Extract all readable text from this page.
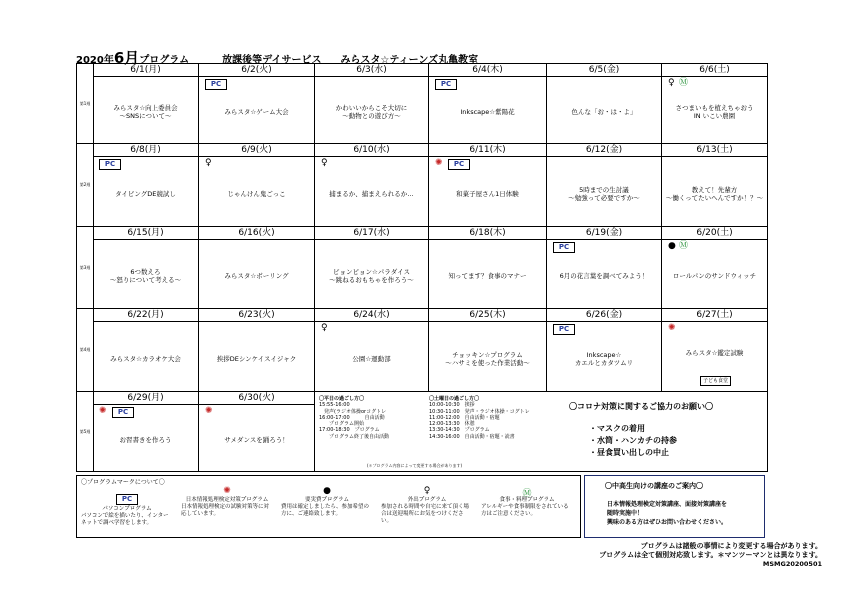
2020年6月プログラム	放課後等デイサービス みらスタ☆ティーンズ丸亀教室
第1週
6/1(月)
みらスタ☆向上委員会
～SNSについて～
6/2(火)
PC
みらスタ☆ゲーム大会
6/3(水)
かわいいからこそ大切に
～動物との遊び方～
6/4(木)
PC
Inkscape☆紫陽花
6/5(金)
色んな「お・は・よ」
6/6(土)
♀ Ⓜ
さつまいもを植えちゃおう
IN いこい農園
第2週
6/8(月)
PC
タイピングDE競試し
6/9(火)
♀
じゃんけん鬼ごっこ
6/10(水)
♀
捕まるか、捕まえられるか…
6/11(木)
✺	PC
和菓子屋さん1日体験
6/12(金)
5時までの生討議
～勉強って必要ですか～
6/13(土)
教えて！先輩方
～働くってたいへんですか！？～
第3週
6/15(月)
6つ数えろ
～怒りについて考える～
6/16(火)
みらスタ☆ボーリング
6/17(水)
ピョンピョン☆パラダイス
～跳ねるおもちゃを作ろう～
6/18(木)
知ってます？食事のマナー
6/19(金)
PC
6月の花言葉を調べてみよう！
6/20(土)
● Ⓜ
ロールパンのサンドウィッチ
第4週
6/22(月)
みらスタ☆カラオケ大会
6/23(火)
挨拶DEシンケイスイジャク
6/24(水)
♀
公園☆運動部
6/25(木)
チョッキン☆プログラム
～ハサミを使った作業活動～
6/26(金)
PC
Inkscape☆
カエルとカタツムリ
6/27(土)
✺
みらスタ☆鑑定試験
子ども食堂
第5週
6/29(月)
✺	PC
お習書きを作ろう
6/30(火)
✺
サメダンスを踊ろう！
〇平日の過ごし方〇
15:55-16:00
　発声(ラジオ体操orコグトレ
16:00-17:00　　　自由活動
　　プログラム開始
17:00-18:30　プログラム
　　プログラム終了後自由活動
〇土曜日の過ごし方〇
10:00-10:30　挨拶
10:30-11:00　発声・ラジオ体操・コグトレ
11:00-12:00　自由活動・宿題
12:00-13:30　休憩
13:30-14:30　プログラム
14:30-16:00　自由活動・宿題・読書
(＊プログラム内容によって変更する場合があります)
〇コロナ対策に関するご協力のお願い〇
・マスクの着用
・水筒・ハンカチの持参
・昼食買い出しの中止
〇プログラムマークについて〇
PC
パソコンプログラム
パソコンで絵を描いたり、インターネットで調べ学習をします。
✺
日本情報処理検定対策プログラム
日本情報処理検定の試験対策等に対応しています。
●
要実費プログラム
費用は確定しましたら、参加希望の方に、ご連絡致します。
♀
外出プログラム
参加される時間や自宅に来て頂く場合は送迎場所にお気をつけください。
Ⓜ
食事・料理プログラム
アレルギーや食事制限をされている方はご注意ください。
〇中高生向けの講座のご案内〇
日本情報処理検定対策講座、面接対策講座を
随時実施中！
興味のある方はぜひお問い合わせください。
プログラムは諸般の事情により変更する場合があります。
プログラムは全て個別対応致します。＊マンツーマンとは異なります。
MSMG20200501
